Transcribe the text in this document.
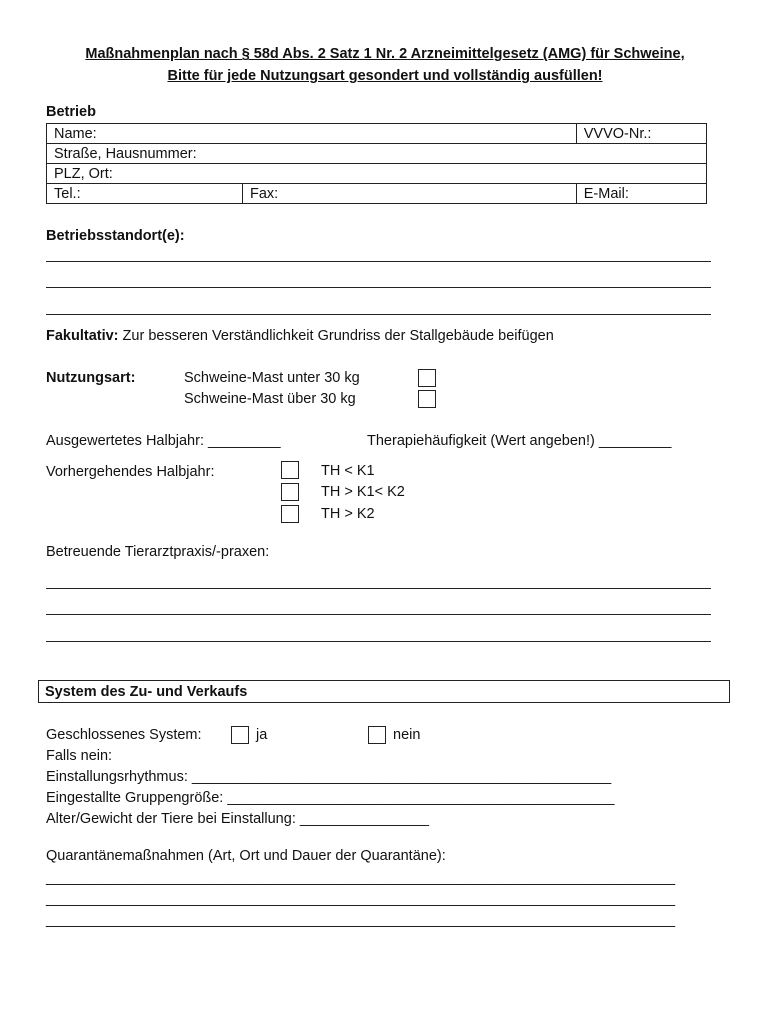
Maßnahmenplan nach § 58d Abs. 2 Satz 1 Nr. 2 Arzneimittelgesetz (AMG) für Schweine,
Bitte für jede Nutzungsart gesondert und vollständig ausfüllen!
Betrieb
Name:		VVVO-Nr.:
Straße, Hausnummer:		
PLZ, Ort:		
Tel.:	Fax:	E-Mail:
Betriebsstandort(e):
Fakultativ: Zur besseren Verständlichkeit Grundriss der Stallgebäude beifügen
Nutzungsart:	Schweine-Mast unter 30 kg
Schweine-Mast über 30 kg
Ausgewertetes Halbjahr: _________	Therapiehäufigkeit (Wert angeben!) _________
Vorhergehendes Halbjahr:	TH < K1
TH > K1< K2
TH > K2
Betreuende Tierarztpraxis/-praxen:
System des Zu- und Verkaufs
Geschlossenes System:	ja	nein
Falls nein:
Einstallungsrhythmus: ____________________________________________________
Eingestallte Gruppengröße: ________________________________________________
Alter/Gewicht der Tiere bei Einstallung: ________________
Quarantänemaßnahmen (Art, Ort und Dauer der Quarantäne):
______________________________________________________________________________
______________________________________________________________________________
______________________________________________________________________________
